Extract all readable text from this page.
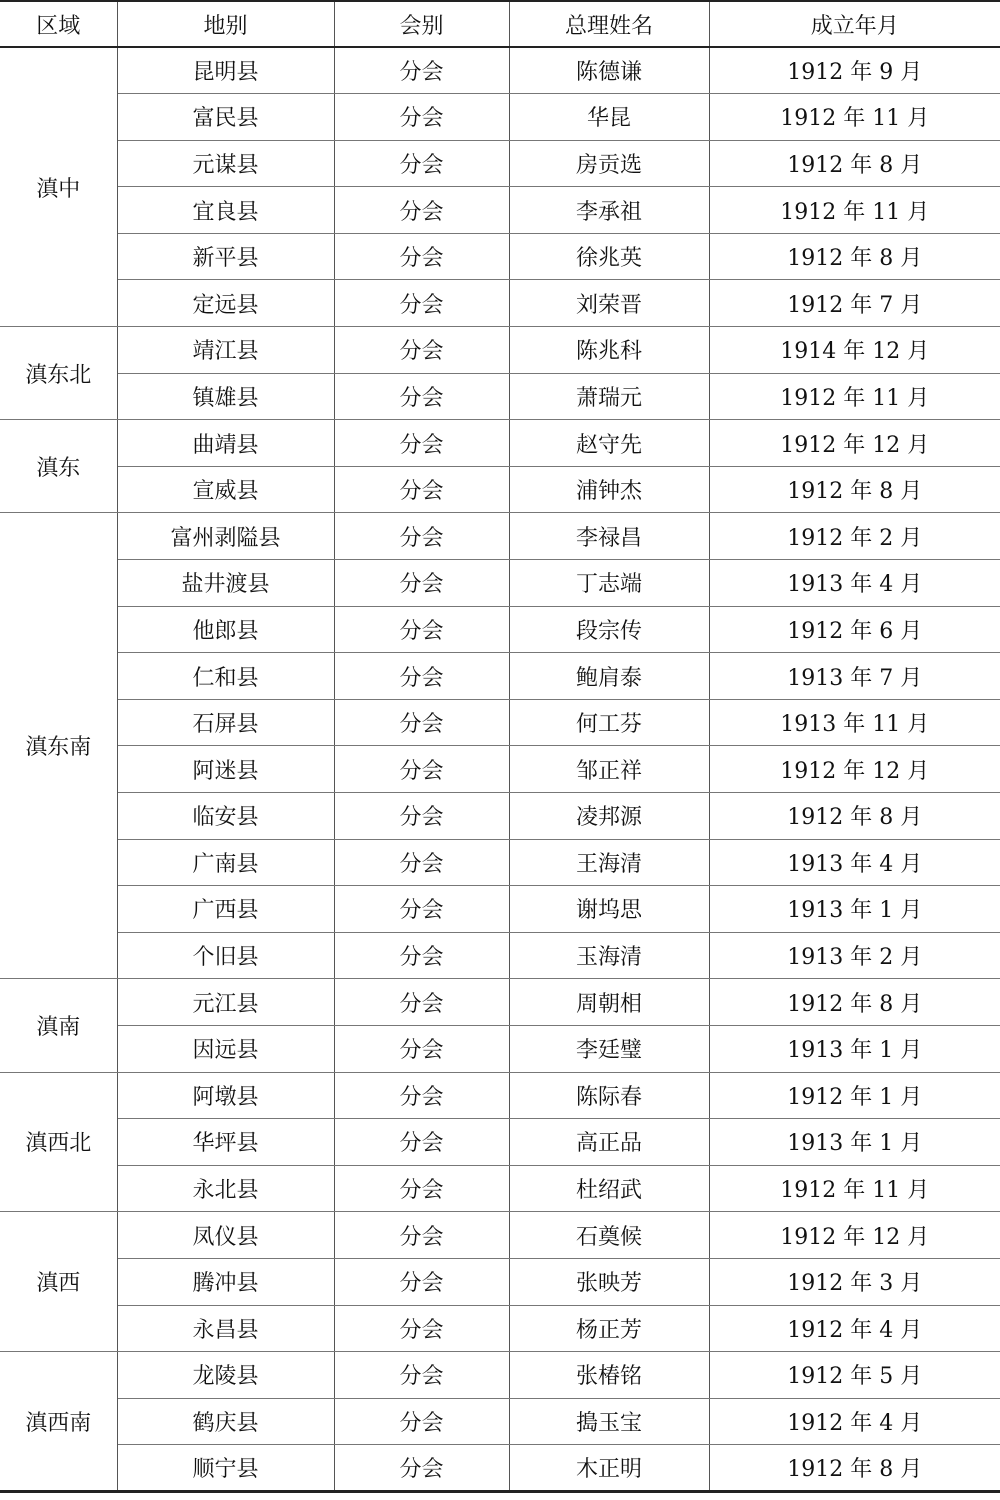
区域	地别	会别	总理姓名	成立年月
滇中	昆明县	分会	陈德谦	1912 年 9 月
	富民县	分会	华昆	1912 年 11 月
	元谋县	分会	房贡选	1912 年 8 月
	宜良县	分会	李承祖	1912 年 11 月
	新平县	分会	徐兆英	1912 年 8 月
	定远县	分会	刘荣晋	1912 年 7 月
滇东北	靖江县	分会	陈兆科	1914 年 12 月
	镇雄县	分会	萧瑞元	1912 年 11 月
滇东	曲靖县	分会	赵守先	1912 年 12 月
	宣威县	分会	浦钟杰	1912 年 8 月
滇东南	富州剥隘县	分会	李禄昌	1912 年 2 月
	盐井渡县	分会	丁志端	1913 年 4 月
	他郎县	分会	段宗传	1912 年 6 月
	仁和县	分会	鲍肩泰	1913 年 7 月
	石屏县	分会	何工芬	1913 年 11 月
	阿迷县	分会	邹正祥	1912 年 12 月
	临安县	分会	凌邦源	1912 年 8 月
	广南县	分会	王海清	1913 年 4 月
	广西县	分会	谢坞思	1913 年 1 月
	个旧县	分会	玉海清	1913 年 2 月
滇南	元江县	分会	周朝相	1912 年 8 月
	因远县	分会	李廷璧	1913 年 1 月
滇西北	阿墩县	分会	陈际春	1912 年 1 月
	华坪县	分会	高正品	1913 年 1 月
	永北县	分会	杜绍武	1912 年 11 月
滇西	凤仪县	分会	石奠候	1912 年 12 月
	腾冲县	分会	张映芳	1912 年 3 月
	永昌县	分会	杨正芳	1912 年 4 月
滇西南	龙陵县	分会	张椿铭	1912 年 5 月
	鹤庆县	分会	搗玉宝	1912 年 4 月
	顺宁县	分会	木正明	1912 年 8 月
